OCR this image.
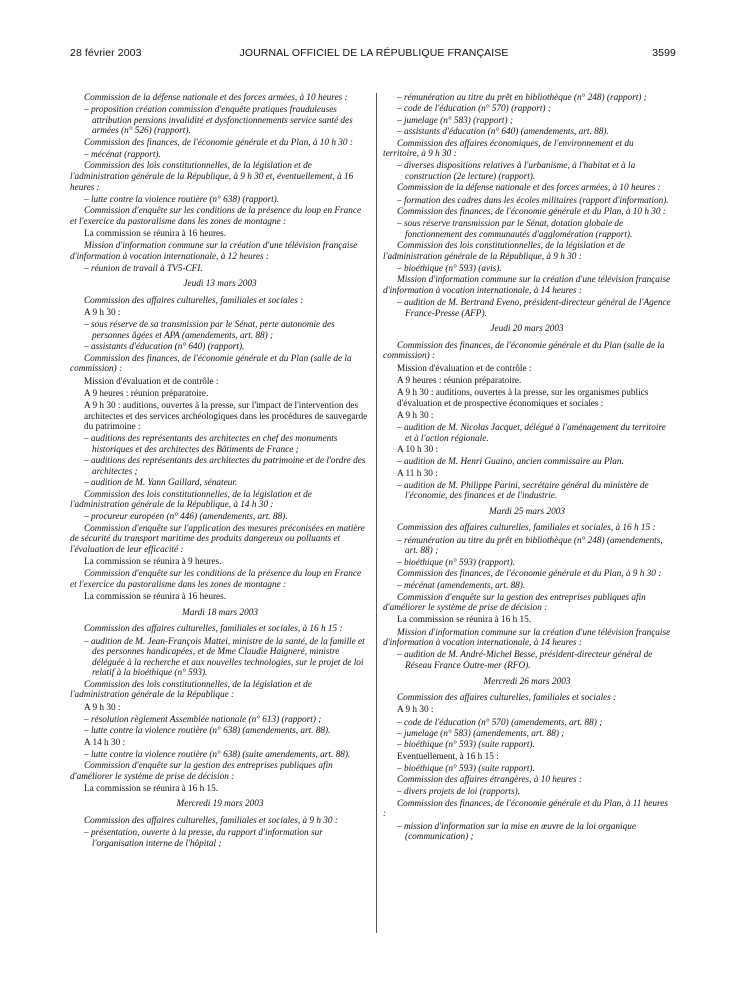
28 février 2003	JOURNAL OFFICIEL DE LA RÉPUBLIQUE FRANÇAISE	3599
Commission de la défense nationale et des forces armées, à 10 heures :
– proposition création commission d'enquête pratiques frauduleuses attribution pensions invalidité et dysfonctionnements service santé des armées (n° 526) (rapport).
Commission des finances, de l'économie générale et du Plan, à 10 h 30 :
– mécénat (rapport).
Commission des lois constitutionnelles, de la législation et de l'administration générale de la République, à 9 h 30 et, éventuellement, à 16 heures :
– lutte contre la violence routière (n° 638) (rapport).
Commission d'enquête sur les conditions de la présence du loup en France et l'exercice du pastoralisme dans les zones de montagne :
La commission se réunira à 16 heures.
Mission d'information commune sur la création d'une télévision française d'information à vocation internationale, à 12 heures :
– réunion de travail à TV5-CFI.
Jeudi 13 mars 2003
Commission des affaires culturelles, familiales et sociales :
A 9 h 30 :
– sous réserve de sa transmission par le Sénat, perte autonomie des personnes âgées et APA (amendements, art. 88) ;
– assistants d'éducation (n° 640) (rapport).
Commission des finances, de l'économie générale et du Plan (salle de la commission) :
Mission d'évaluation et de contrôle :
A 9 heures : réunion préparatoire.
A 9 h 30 : auditions, ouvertes à la presse, sur l'impact de l'intervention des architectes et des services archéologiques dans les procédures de sauvegarde du patrimoine :
– auditions des représentants des architectes en chef des monuments historiques et des architectes des Bâtiments de France ;
– auditions des représentants des architectes du patrimoine et de l'ordre des architectes ;
– audition de M. Yann Gaillard, sénateur.
Commission des lois constitutionnelles, de la législation et de l'administration générale de la République, à 14 h 30 :
– procureur européen (n° 446) (amendements, art. 88).
Commission d'enquête sur l'application des mesures préconisées en matière de sécurité du transport maritime des produits dangereux ou polluants et l'évaluation de leur efficacité :
La commission se réunira à 9 heures.
Commission d'enquête sur les conditions de la présence du loup en France et l'exercice du pastoralisme dans les zones de montagne :
La commission se réunira à 16 heures.
Mardi 18 mars 2003
Commission des affaires culturelles, familiales et sociales, à 16 h 15 :
– audition de M. Jean-François Mattei, ministre de la santé, de la famille et des personnes handicapées, et de Mme Claudie Haigneré, ministre déléguée à la recherche et aux nouvelles technologies, sur le projet de loi relatif à la bioéthique (n° 593).
Commission des lois constitutionnelles, de la législation et de l'administration générale de la République :
A 9 h 30 :
– résolution règlement Assemblée nationale (n° 613) (rapport) ;
– lutte contre la violence routière (n° 638) (amendements, art. 88).
A 14 h 30 :
– lutte contre la violence routière (n° 638) (suite amendements, art. 88).
Commission d'enquête sur la gestion des entreprises publiques afin d'améliorer le système de prise de décision :
La commission se réunira à 16 h 15.
Mercredi 19 mars 2003
Commission des affaires culturelles, familiales et sociales, à 9 h 30 :
– présentation, ouverte à la presse, du rapport d'information sur l'organisation interne de l'hôpital ;
– rémunération au titre du prêt en bibliothèque (n° 248) (rapport) ;
– code de l'éducation (n° 570) (rapport) ;
– jumelage (n° 583) (rapport) ;
– assistants d'éducation (n° 640) (amendements, art. 88).
Commission des affaires économiques, de l'environnement et du territoire, à 9 h 30 :
– diverses dispositions relatives à l'urbanisme, à l'habitat et à la construction (2e lecture) (rapport).
Commission de la défense nationale et des forces armées, à 10 heures :
– formation des cadres dans les écoles militaires (rapport d'information).
Commission des finances, de l'économie générale et du Plan, à 10 h 30 :
– sous réserve transmission par le Sénat, dotation globale de fonctionnement des communautés d'agglomération (rapport).
Commission des lois constitutionnelles, de la législation et de l'administration générale de la République, à 9 h 30 :
– bioéthique (n° 593) (avis).
Mission d'information commune sur la création d'une télévision française d'information à vocation internationale, à 14 heures :
– audition de M. Bertrand Eveno, président-directeur général de l'Agence France-Presse (AFP).
Jeudi 20 mars 2003
Commission des finances, de l'économie générale et du Plan (salle de la commission) :
Mission d'évaluation et de contrôle :
A 9 heures : réunion préparatoire.
A 9 h 30 : auditions, ouvertes à la presse, sur les organismes publics d'évaluation et de prospective économiques et sociales :
A 9 h 30 :
– audition de M. Nicolas Jacquet, délégué à l'aménagement du territoire et à l'action régionale.
A 10 h 30 :
– audition de M. Henri Guaino, ancien commissaire au Plan.
A 11 h 30 :
– audition de M. Philippe Parini, secrétaire général du ministère de l'économie, des finances et de l'industrie.
Mardi 25 mars 2003
Commission des affaires culturelles, familiales et sociales, à 16 h 15 :
– rémunération au titre du prêt en bibliothèque (n° 248) (amendements, art. 88) ;
– bioéthique (n° 593) (rapport).
Commission des finances, de l'économie générale et du Plan, à 9 h 30 :
– mécénat (amendements, art. 88).
Commission d'enquête sur la gestion des entreprises publiques afin d'améliorer le système de prise de décision :
La commission se réunira à 16 h 15.
Mission d'information commune sur la création d'une télévision française d'information à vocation internationale, à 14 heures :
– audition de M. André-Michel Besse, président-directeur général de Réseau France Outre-mer (RFO).
Mercredi 26 mars 2003
Commission des affaires culturelles, familiales et sociales :
A 9 h 30 :
– code de l'éducation (n° 570) (amendements, art. 88) ;
– jumelage (n° 583) (amendements, art. 88) ;
– bioéthique (n° 593) (suite rapport).
Eventuellement, à 16 h 15 :
– bioéthique (n° 593) (suite rapport).
Commission des affaires étrangères, à 10 heures :
– divers projets de loi (rapports).
Commission des finances, de l'économie générale et du Plan, à 11 heures :
– mission d'information sur la mise en œuvre de la loi organique (communication) ;
